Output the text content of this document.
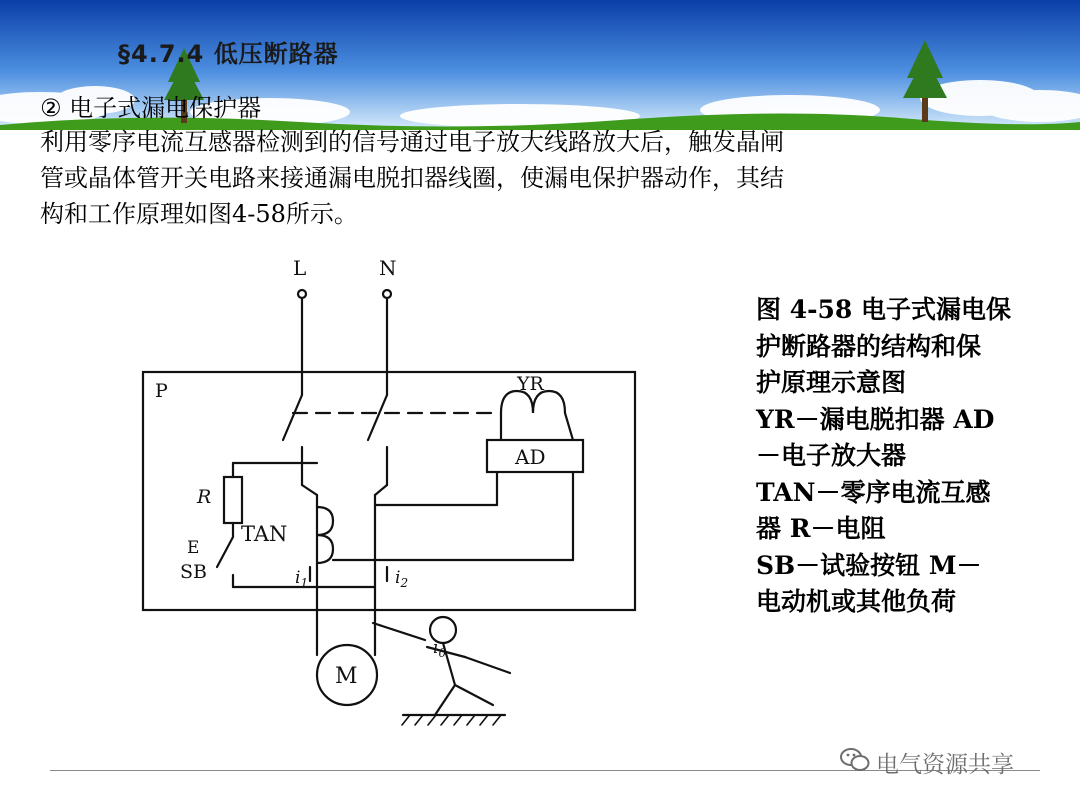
§4.7.4 低压断路器
② 电子式漏电保护器
利用零序电流互感器检测到的信号通过电子放大线路放大后，触发晶闸
管或晶体管开关电路来接通漏电脱扣器线圈，使漏电保护器动作，其结
构和工作原理如图4-58所示。
L	N
P	YR
AD
TAN
R
E
SB	$i_1$	$i_2$
M
$i_0$
图 4-58 电子式漏电保
护断路器的结构和保
护原理示意图
YR－漏电脱扣器 AD
－电子放大器
TAN－零序电流互感
器 R－电阻
SB－试验按钮 M－
电动机或其他负荷
电气资源共享
